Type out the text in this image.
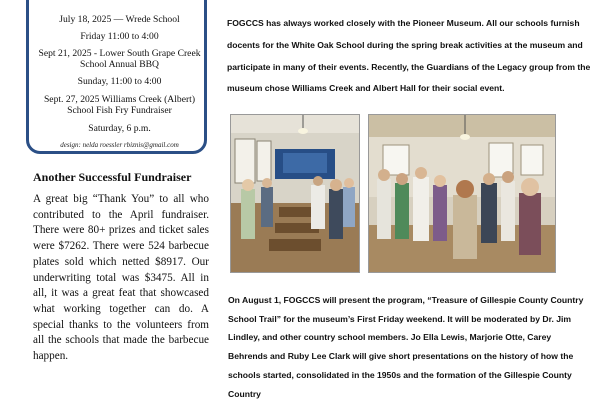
July 18, 2025 — Wrede School
Friday 11:00 to 4:00
Sept 21, 2025 - Lower South Grape Creek
School Annual BBQ
Sunday, 11:00 to 4:00
Sept. 27, 2025 Williams Creek (Albert)
School Fish Fry Fundraiser
Saturday, 6 p.m.
design: nelda roessler rbiznis@gmail.com
Another Successful Fundraiser
A great big “Thank You” to all who contributed to the April fundraiser. There were 80+ prizes and ticket sales were $7262. There were 524 barbecue plates sold which netted $8917. Our underwriting total was $3475. All in all, it was a great feat that showcased what working together can do. A special thanks to the volunteers from all the schools that made the barbecue happen.
FOGCCS has always worked closely with the Pioneer Museum. All our schools furnish docents for the White Oak School during the spring break activities at the museum and participate in many of their events. Recently, the Guardians of the Legacy group from the museum chose Williams Creek and Albert Hall for their social event.
On August 1, FOGCCS will present the program, “Treasure of Gillespie County Country School Trail” for the museum’s First Friday weekend. It will be moderated by Dr. Jim Lindley, and other country school members. Jo Ella Lewis, Marjorie Otte, Carey Behrends and Ruby Lee Clark will give short presentations on the history of how the schools started, consolidated in the 1950s and the formation of the Gillespie County Country
